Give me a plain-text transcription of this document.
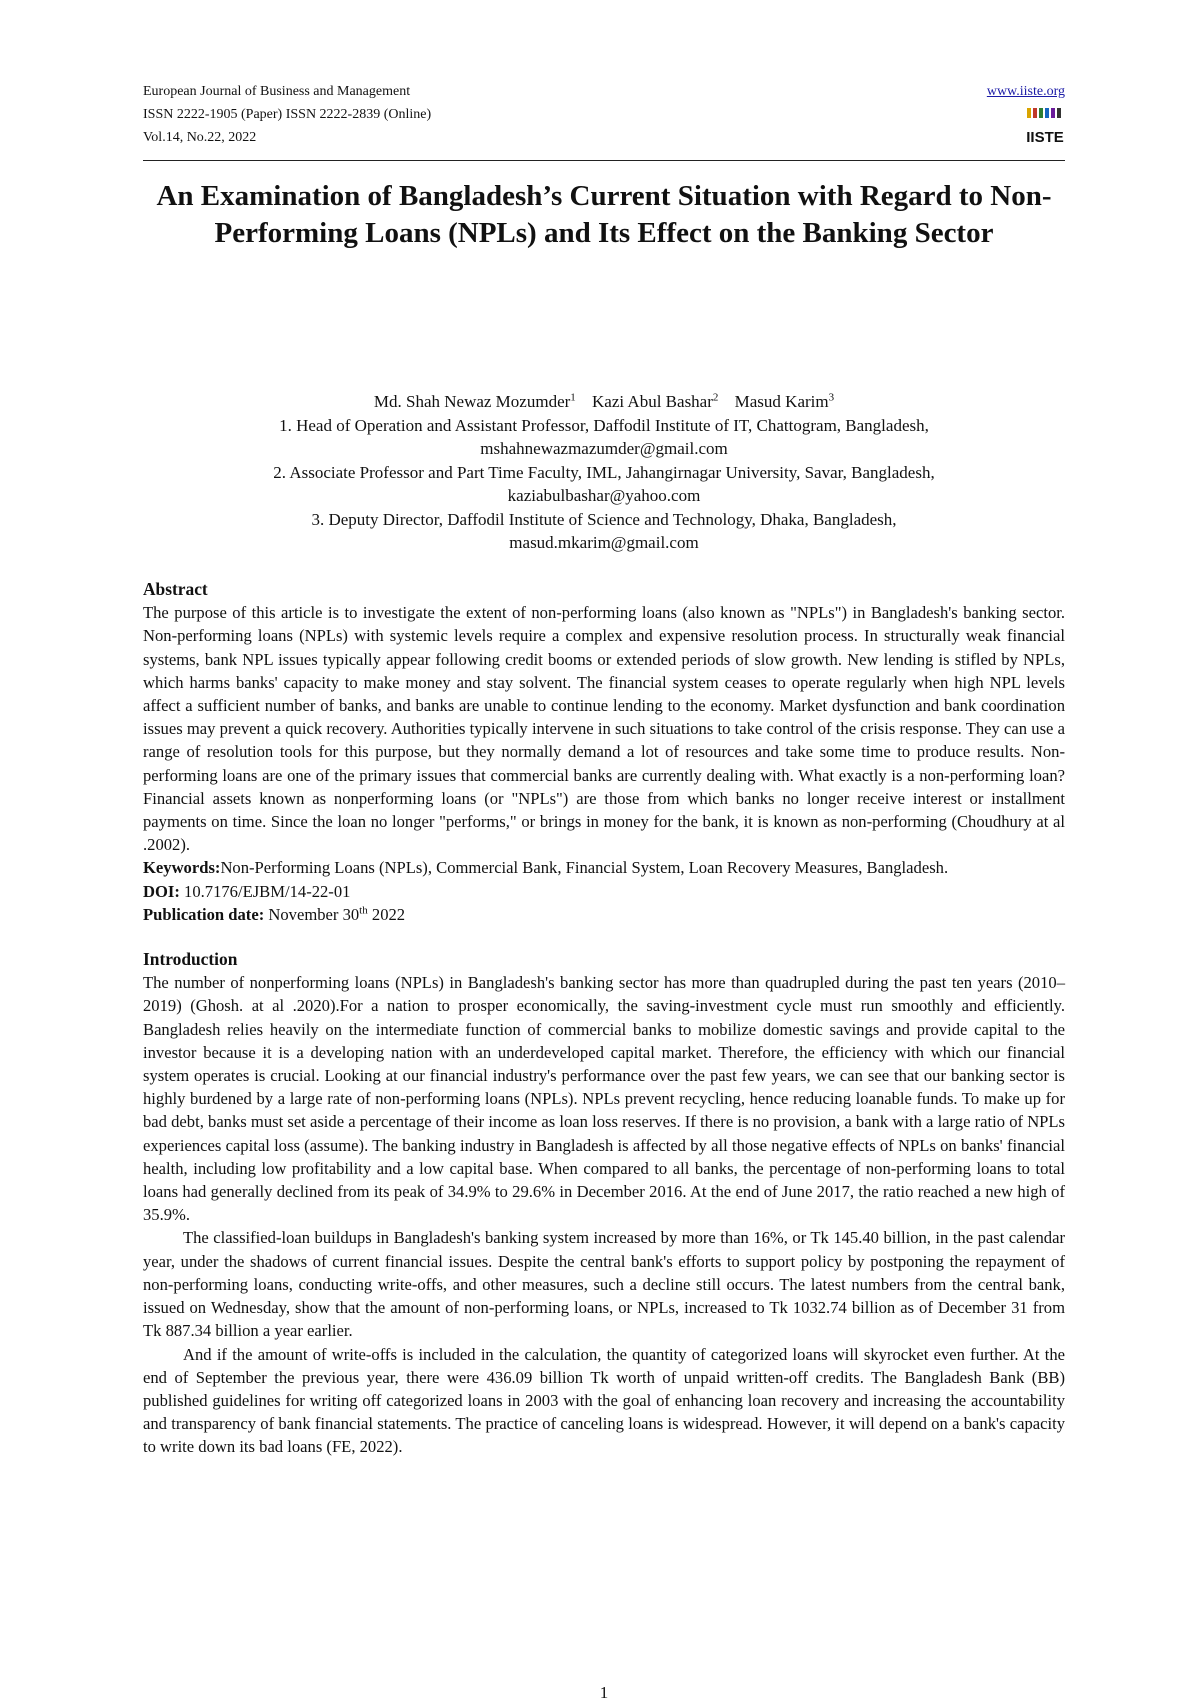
European Journal of Business and Management
ISSN 2222-1905 (Paper) ISSN 2222-2839 (Online)
Vol.14, No.22, 2022
www.iiste.org
IISTE
An Examination of Bangladesh’s Current Situation with Regard to Non-Performing Loans (NPLs) and Its Effect on the Banking Sector
Md. Shah Newaz Mozumder$^1$ Kazi Abul Bashar$^2$ Masud Karim$^3$
1. Head of Operation and Assistant Professor, Daffodil Institute of IT, Chattogram, Bangladesh,
mshahnewazmazumder@gmail.com
2. Associate Professor and Part Time Faculty, IML, Jahangirnagar University, Savar, Bangladesh,
kaziabulbashar@yahoo.com
3. Deputy Director, Daffodil Institute of Science and Technology, Dhaka, Bangladesh,
masud.mkarim@gmail.com

Abstract

The purpose of this article is to investigate the extent of non-performing loans (also known as "NPLs") in Bangladesh's banking sector. Non-performing loans (NPLs) with systemic levels require a complex and expensive resolution process. In structurally weak financial systems, bank NPL issues typically appear following credit booms or extended periods of slow growth. New lending is stifled by NPLs, which harms banks' capacity to make money and stay solvent. The financial system ceases to operate regularly when high NPL levels affect a sufficient number of banks, and banks are unable to continue lending to the economy. Market dysfunction and bank coordination issues may prevent a quick recovery. Authorities typically intervene in such situations to take control of the crisis response. They can use a range of resolution tools for this purpose, but they normally demand a lot of resources and take some time to produce results. Non-performing loans are one of the primary issues that commercial banks are currently dealing with. What exactly is a non-performing loan? Financial assets known as nonperforming loans (or "NPLs") are those from which banks no longer receive interest or installment payments on time. Since the loan no longer "performs," or brings in money for the bank, it is known as non-performing (Choudhury at al .2002).

Keywords:Non-Performing Loans (NPLs), Commercial Bank, Financial System, Loan Recovery Measures, Bangladesh.

DOI: 10.7176/EJBM/14-22-01

Publication date: November 30th 2022

Introduction

The number of nonperforming loans (NPLs) in Bangladesh's banking sector has more than quadrupled during the past ten years (2010–2019) (Ghosh. at al .2020).For a nation to prosper economically, the saving-investment cycle must run smoothly and efficiently. Bangladesh relies heavily on the intermediate function of commercial banks to mobilize domestic savings and provide capital to the investor because it is a developing nation with an underdeveloped capital market. Therefore, the efficiency with which our financial system operates is crucial. Looking at our financial industry's performance over the past few years, we can see that our banking sector is highly burdened by a large rate of non-performing loans (NPLs). NPLs prevent recycling, hence reducing loanable funds. To make up for bad debt, banks must set aside a percentage of their income as loan loss reserves. If there is no provision, a bank with a large ratio of NPLs experiences capital loss (assume). The banking industry in Bangladesh is affected by all those negative effects of NPLs on banks' financial health, including low profitability and a low capital base. When compared to all banks, the percentage of non-performing loans to total loans had generally declined from its peak of 34.9% to 29.6% in December 2016. At the end of June 2017, the ratio reached a new high of 35.9%.

The classified-loan buildups in Bangladesh's banking system increased by more than 16%, or Tk 145.40 billion, in the past calendar year, under the shadows of current financial issues. Despite the central bank's efforts to support policy by postponing the repayment of non-performing loans, conducting write-offs, and other measures, such a decline still occurs. The latest numbers from the central bank, issued on Wednesday, show that the amount of non-performing loans, or NPLs, increased to Tk 1032.74 billion as of December 31 from Tk 887.34 billion a year earlier.

And if the amount of write-offs is included in the calculation, the quantity of categorized loans will skyrocket even further. At the end of September the previous year, there were 436.09 billion Tk worth of unpaid written-off credits. The Bangladesh Bank (BB) published guidelines for writing off categorized loans in 2003 with the goal of enhancing loan recovery and increasing the accountability and transparency of bank financial statements. The practice of canceling loans is widespread. However, it will depend on a bank's capacity to write down its bad loans (FE, 2022).

1
